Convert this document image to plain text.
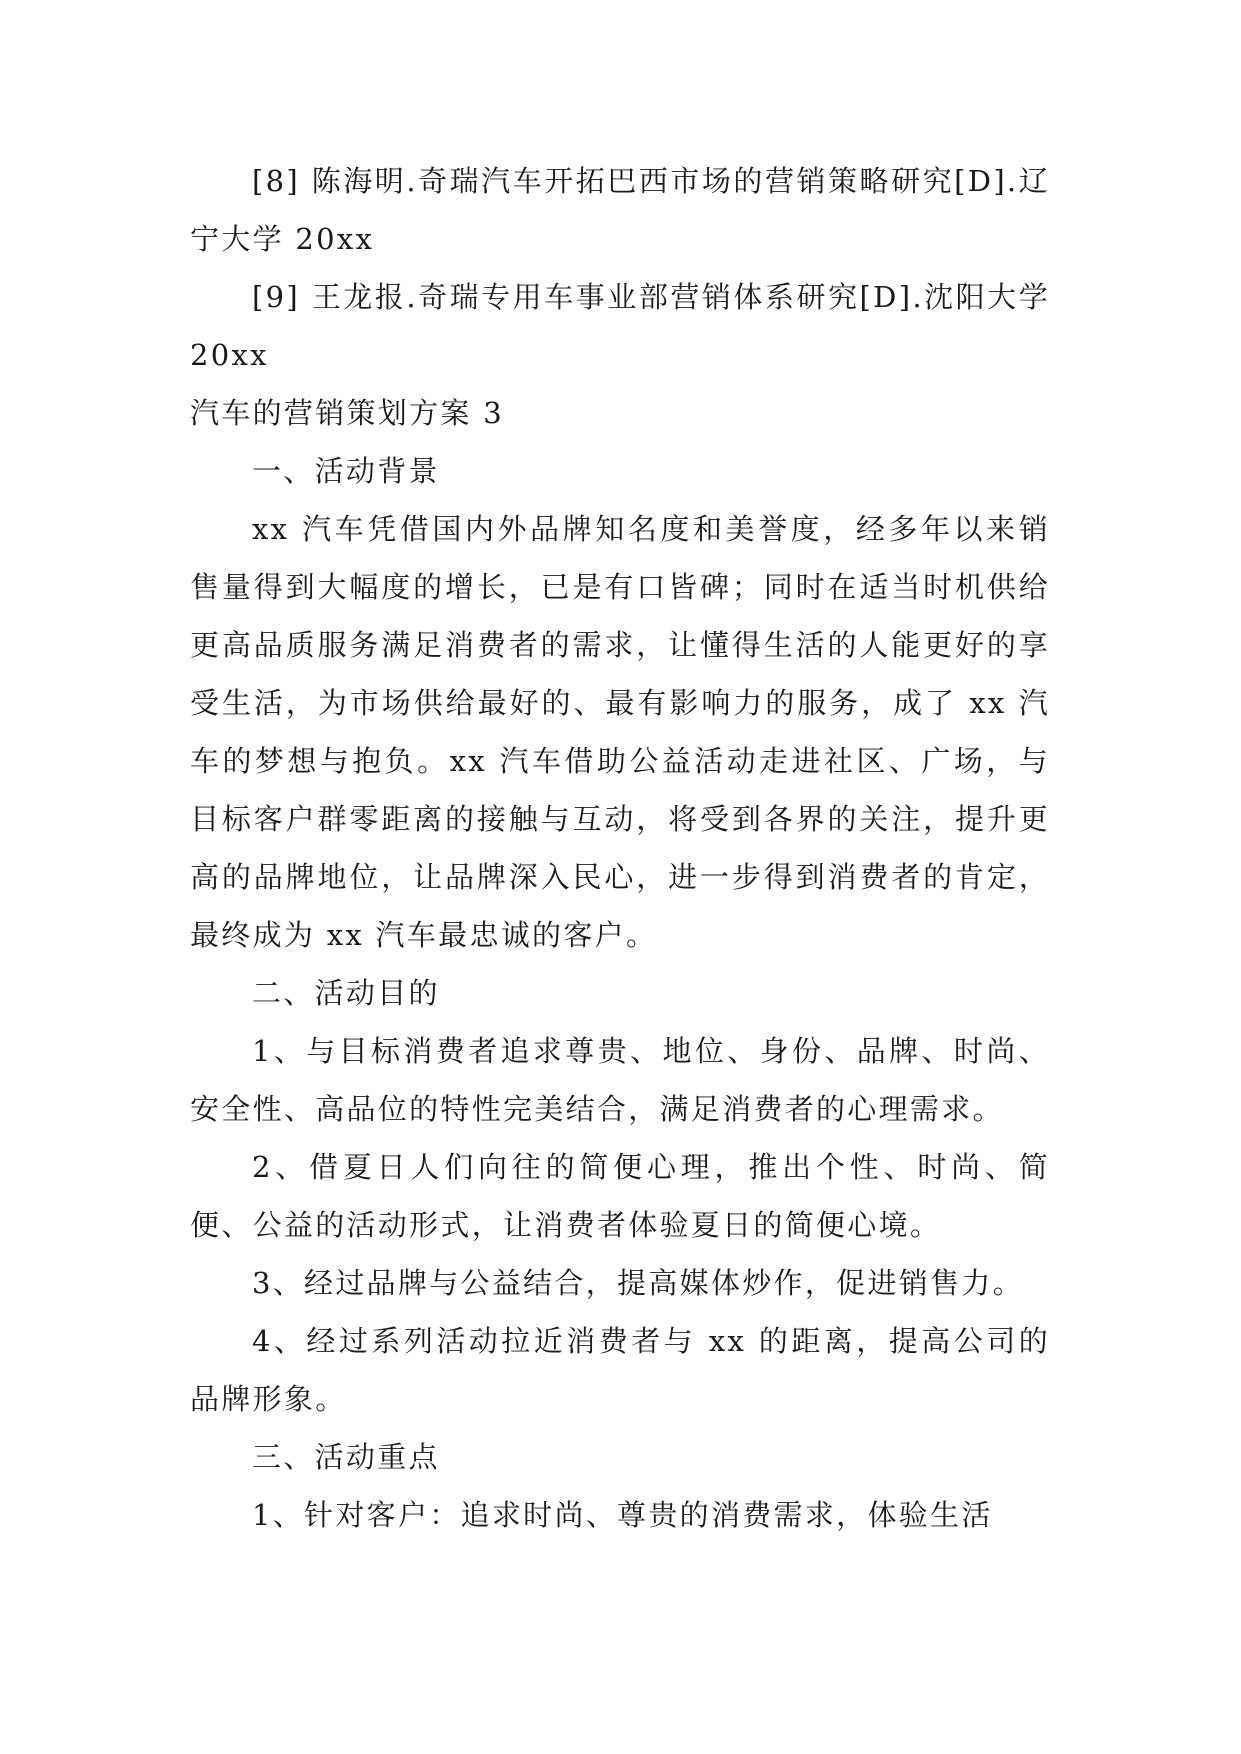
[8] 陈海明.奇瑞汽车开拓巴西市场的营销策略研究[D].辽宁大学 20xx

[9] 王龙报.奇瑞专用车事业部营销体系研究[D].沈阳大学 20xx

汽车的营销策划方案 3

一、活动背景

xx 汽车凭借国内外品牌知名度和美誉度，经多年以来销售量得到大幅度的增长，已是有口皆碑；同时在适当时机供给更高品质服务满足消费者的需求，让懂得生活的人能更好的享受生活，为市场供给最好的、最有影响力的服务，成了 xx 汽车的梦想与抱负。xx 汽车借助公益活动走进社区、广场，与目标客户群零距离的接触与互动，将受到各界的关注，提升更高的品牌地位，让品牌深入民心，进一步得到消费者的肯定，最终成为 xx 汽车最忠诚的客户。

二、活动目的

1、与目标消费者追求尊贵、地位、身份、品牌、时尚、安全性、高品位的特性完美结合，满足消费者的心理需求。

2、借夏日人们向往的简便心理，推出个性、时尚、简便、公益的活动形式，让消费者体验夏日的简便心境。

3、经过品牌与公益结合，提高媒体炒作，促进销售力。

4、经过系列活动拉近消费者与 xx 的距离，提高公司的品牌形象。

三、活动重点

1、针对客户：追求时尚、尊贵的消费需求，体验生活
